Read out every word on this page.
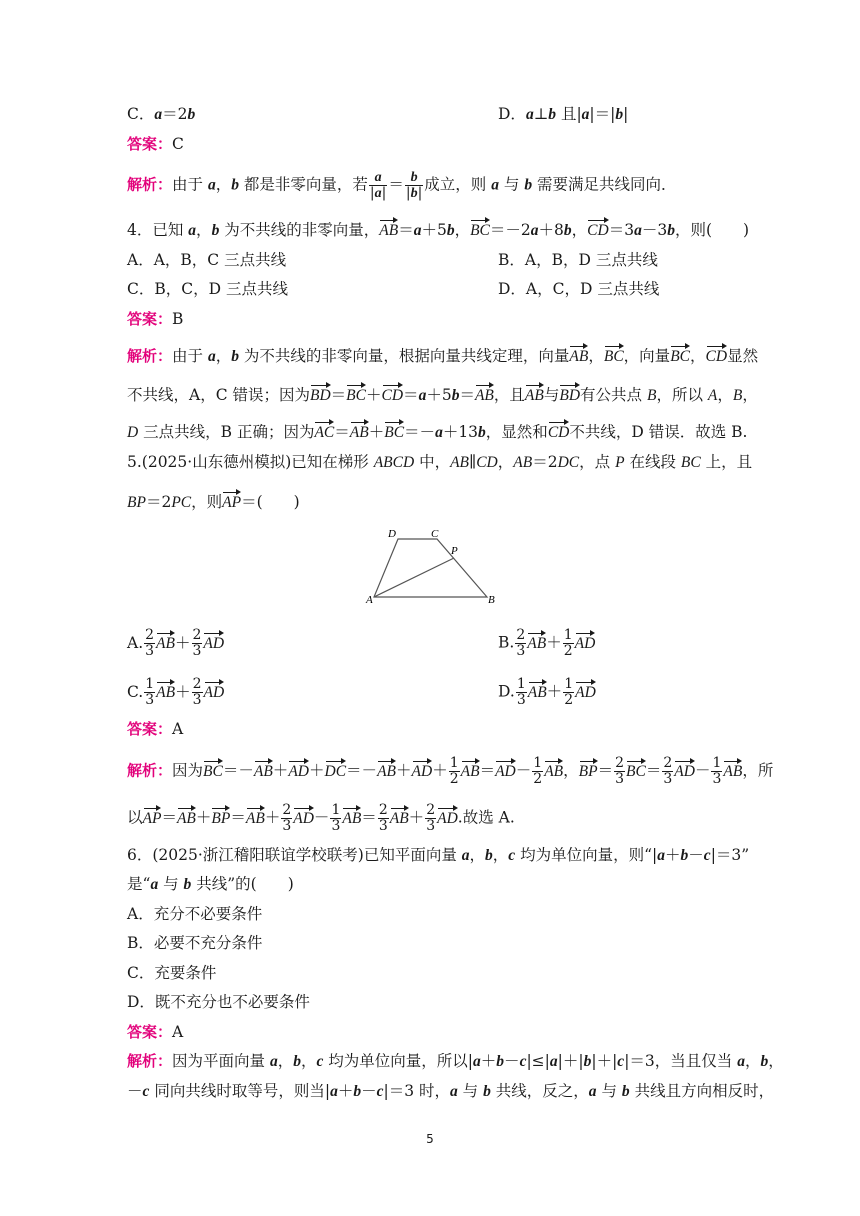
C．a＝2b	D．a⊥b 且|a|＝|b|
答案：C
解析：由于 a，b 都是非零向量，若 $\frac{a}{|a|} = \frac{b}{|b|}$ 成立，则 a 与 b 需要满足共线同向．
4．已知 a，b 为不共线的非零向量，AB＝a＋5b，BC＝－2a＋8b，CD＝3a－3b，则(　　)
A．A，B，C 三点共线	B．A，B，D 三点共线
C．B，C，D 三点共线	D．A，C，D 三点共线
答案：B
解析：由于 a，b 为不共线的非零向量，根据向量共线定理，向量AB，BC，向量BC，CD显然
不共线，A，C 错误；因为BD＝BC＋CD＝a＋5b＝AB，且AB与BD有公共点 B，所以 A，B，
D 三点共线，B 正确；因为AC＝AB＋BC＝－a＋13b，显然和CD不共线，D 错误．故选 B.
5.(2025·山东德州模拟)已知在梯形 ABCD 中，AB∥CD，AB＝2DC，点 P 在线段 BC 上，且
BP＝2PC，则AP＝(　　)
D	C
P
A	B
A. $\frac{2}{3} AB+ \frac{2}{3}$ AD	B. $\frac{2}{3} AB+ \frac{1}{2}$ AD
C. $\frac{1}{3} AB+ \frac{2}{3}$ AD	D. $\frac{1}{3} AB+ \frac{1}{2}$ AD
答案：A
解析：因为$BC=-AB+AD+DC=-AB+AD+ \frac{1}{2} AB=AD- \frac{1}{2}$ AB，$BP= \frac{2}{3} BC= \frac{2}{3} AD- \frac{1}{3}$ AB，所
以$AP=AB+BP=AB+ \frac{2}{3} AD- \frac{1}{3} AB= \frac{2}{3} AB+ \frac{2}{3}$ AD.故选 A.
6．(2025·浙江稽阳联谊学校联考)已知平面向量 a，b，c 均为单位向量，则“|a＋b－c|＝3”
是“a 与 b 共线”的(　　)
A．充分不必要条件
B．必要不充分条件
C．充要条件
D．既不充分也不必要条件
答案：A
解析：因为平面向量 a，b，c 均为单位向量，所以|a＋b－c|≤|a|＋|b|＋|c|＝3，当且仅当 a，b，
－c 同向共线时取等号，则当|a＋b－c|＝3 时，a 与 b 共线，反之，a 与 b 共线且方向相反时，
5
